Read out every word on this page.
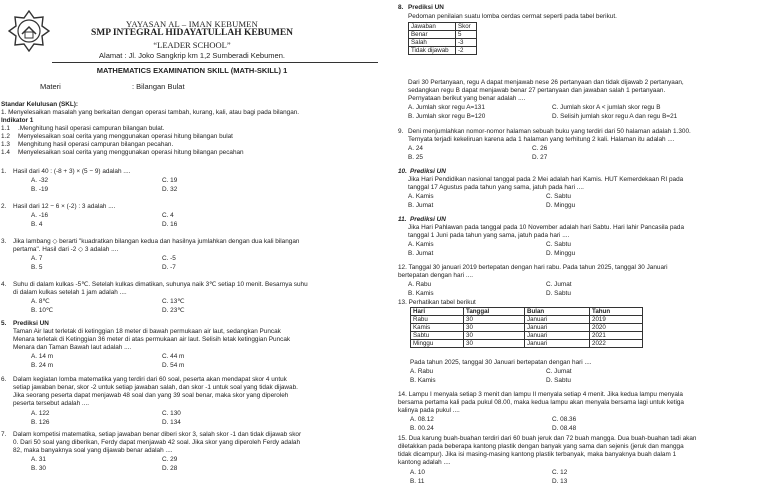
YAYASAN AL – IMAN KEBUMEN
SMP INTEGRAL HIDAYATULLAH KEBUMEN
“LEADER SCHOOL”
Alamat : Jl. Joko Sangkrip km 1,2 Sumberadi Kebumen.
MATHEMATICS EXAMINATION SKILL (MATH-SKILL) 1
Materi	: Bilangan Bulat
Standar Kelulusan (SKL):
1. Menyelesaikan masalah yang berkaitan dengan operasi tambah, kurang, kali, atau bagi pada bilangan.
Indikator 1
1.1 .Menghitung hasil operasi campuran bilangan bulat.
1.2 Menyelesaikan soal cerita yang menggunakan operasi hitung bilangan bulat
1.3 Menghitung hasil operasi campuran bilangan pecahan.
1.4 Menyelesaikan soal cerita yang menggunakan operasi hitung bilangan pecahan
1. Hasil dari 40 : (-8 + 3) × (5 − 9) adalah ....
A. -32	C. 19
B. -19	D. 32
2. Hasil dari 12 − 6 × (-2) : 3 adalah ....
A. -16	C. 4
B. 4	D. 16
3. Jika lambang ◇ berarti "kuadratkan bilangan kedua dan hasilnya jumlahkan dengan dua kali bilangan
pertama". Hasil dari -2 ◇ 3 adalah ....
A. 7	C. -5
B. 5	D. -7
4. Suhu di dalam kulkas -5℃. Setelah kulkas dimatikan, suhunya naik 3℃ setiap 10 menit. Besarnya suhu
di dalam kulkas setelah 1 jam adalah ....
A. 8℃	C. 13℃
B. 10℃	D. 23℃
5. Prediksi UN
Taman Air laut terletak di ketinggian 18 meter di bawah permukaan air laut, sedangkan Puncak
Menara terletak di Ketinggian 36 meter di atas permukaan air laut. Selisih letak ketinggian Puncak
Menara dan Taman Bawah laut adalah ....
A. 14 m	C. 44 m
B. 24 m	D. 54 m
6. Dalam kegiatan lomba matematika yang terdiri dari 60 soal, peserta akan mendapat skor 4 untuk
setiap jawaban benar, skor -2 untuk setiap jawaban salah, dan skor -1 untuk soal yang tidak dijawab.
Jika seorang peserta dapat menjawab 48 soal dan yang 39 soal benar, maka skor yang diperoleh
peserta tersebut adalah ....
A. 122	C. 130
B. 126	D. 134
7. Dalam kompetisi matematika, setiap jawaban benar diberi skor 3, salah skor -1 dan tidak dijawab skor
0. Dari 50 soal yang diberikan, Ferdy dapat menjawab 42 soal. Jika skor yang diperoleh Ferdy adalah
82, maka banyaknya soal yang dijawab benar adalah ....
A. 31	C. 29
B. 30	D. 28
8. Prediksi UN
Pedoman penilaian suatu lomba cerdas cermat seperti pada tabel berikut.
Jawaban	Skor
Benar	5
Salah	-3
Tidak dijawab	-2
Dari 30 Pertanyaan, regu A dapat menjawab nese 26 pertanyaan dan tidak dijawab 2 pertanyaan,
sedangkan regu B dapat menjawab benar 27 pertanyaan dan jawaban salah 1 pertanyaan.
Pernyataan berikut yang benar adalah ....
A. Jumlah skor regu A=131	C. Jumlah skor A < jumlah skor regu B
B. Jumlah skor regu B=120	D. Selisih jumlah skor regu A dan regu B=21
9. Deni menjumlahkan nomor-nomor halaman sebuah buku yang terdiri dari 50 halaman adalah 1.300.
Ternyata terjadi kekeliruan karena ada 1 halaman yang terhitung 2 kali. Halaman itu adalah ....
A. 24	C. 26
B. 25	D. 27
10. Prediksi UN
Jika Hari Pendidikan nasional tanggal pada 2 Mei adalah hari Kamis. HUT Kemerdekaan RI pada
tanggal 17 Agustus pada tahun yang sama, jatuh pada hari ....
A. Kamis	C. Sabtu
B. Jumat	D. Minggu
11. Prediksi UN
Jika Hari Pahlawan pada tanggal pada 10 November adalah hari Sabtu. Hari lahir Pancasila pada
tanggal 1 Juni pada tahun yang sama, jatuh pada hari ....
A. Kamis	C. Sabtu
B. Jumat	D. Minggu
12. Tanggal 30 januari 2019 bertepatan dengan hari rabu. Pada tahun 2025, tanggal 30 Januari
bertepatan dengan hari ....
A. Rabu	C. Jumat
B. Kamis	D. Sabtu
13. Perhatikan tabel berikut
Hari	Tanggal	Bulan	Tahun
Rabu	30	Januari	2019
Kamis	30	Januari	2020
Sabtu	30	Januari	2021
Minggu	30	Januari	2022
Pada tahun 2025, tanggal 30 Januari bertepatan dengan hari ....
A. Rabu	C. Jumat
B. Kamis	D. Sabtu
14. Lampu I menyala setiap 3 menit dan lampu II menyala setiap 4 menit. Jika kedua lampu menyala
bersama pertama kali pada pukul 08.00, maka kedua lampu akan menyala bersama lagi untuk ketiga
kalinya pada pukul ....
A. 08.12	C. 08.36
B. 00.24	D. 08.48
15. Dua karung buah-buahan terdiri dari 60 buah jeruk dan 72 buah mangga. Dua buah-buahan tadi akan
diletakkan pada beberapa kantong plastik dengan banyak yang sama dan sejenis (jeruk dan mangga
tidak dicampur). Jika isi masing-masing kantong plastik terbanyak, maka banyaknya buah dalam 1
kantong adalah ....
A. 10	C. 12
B. 11	D. 13
